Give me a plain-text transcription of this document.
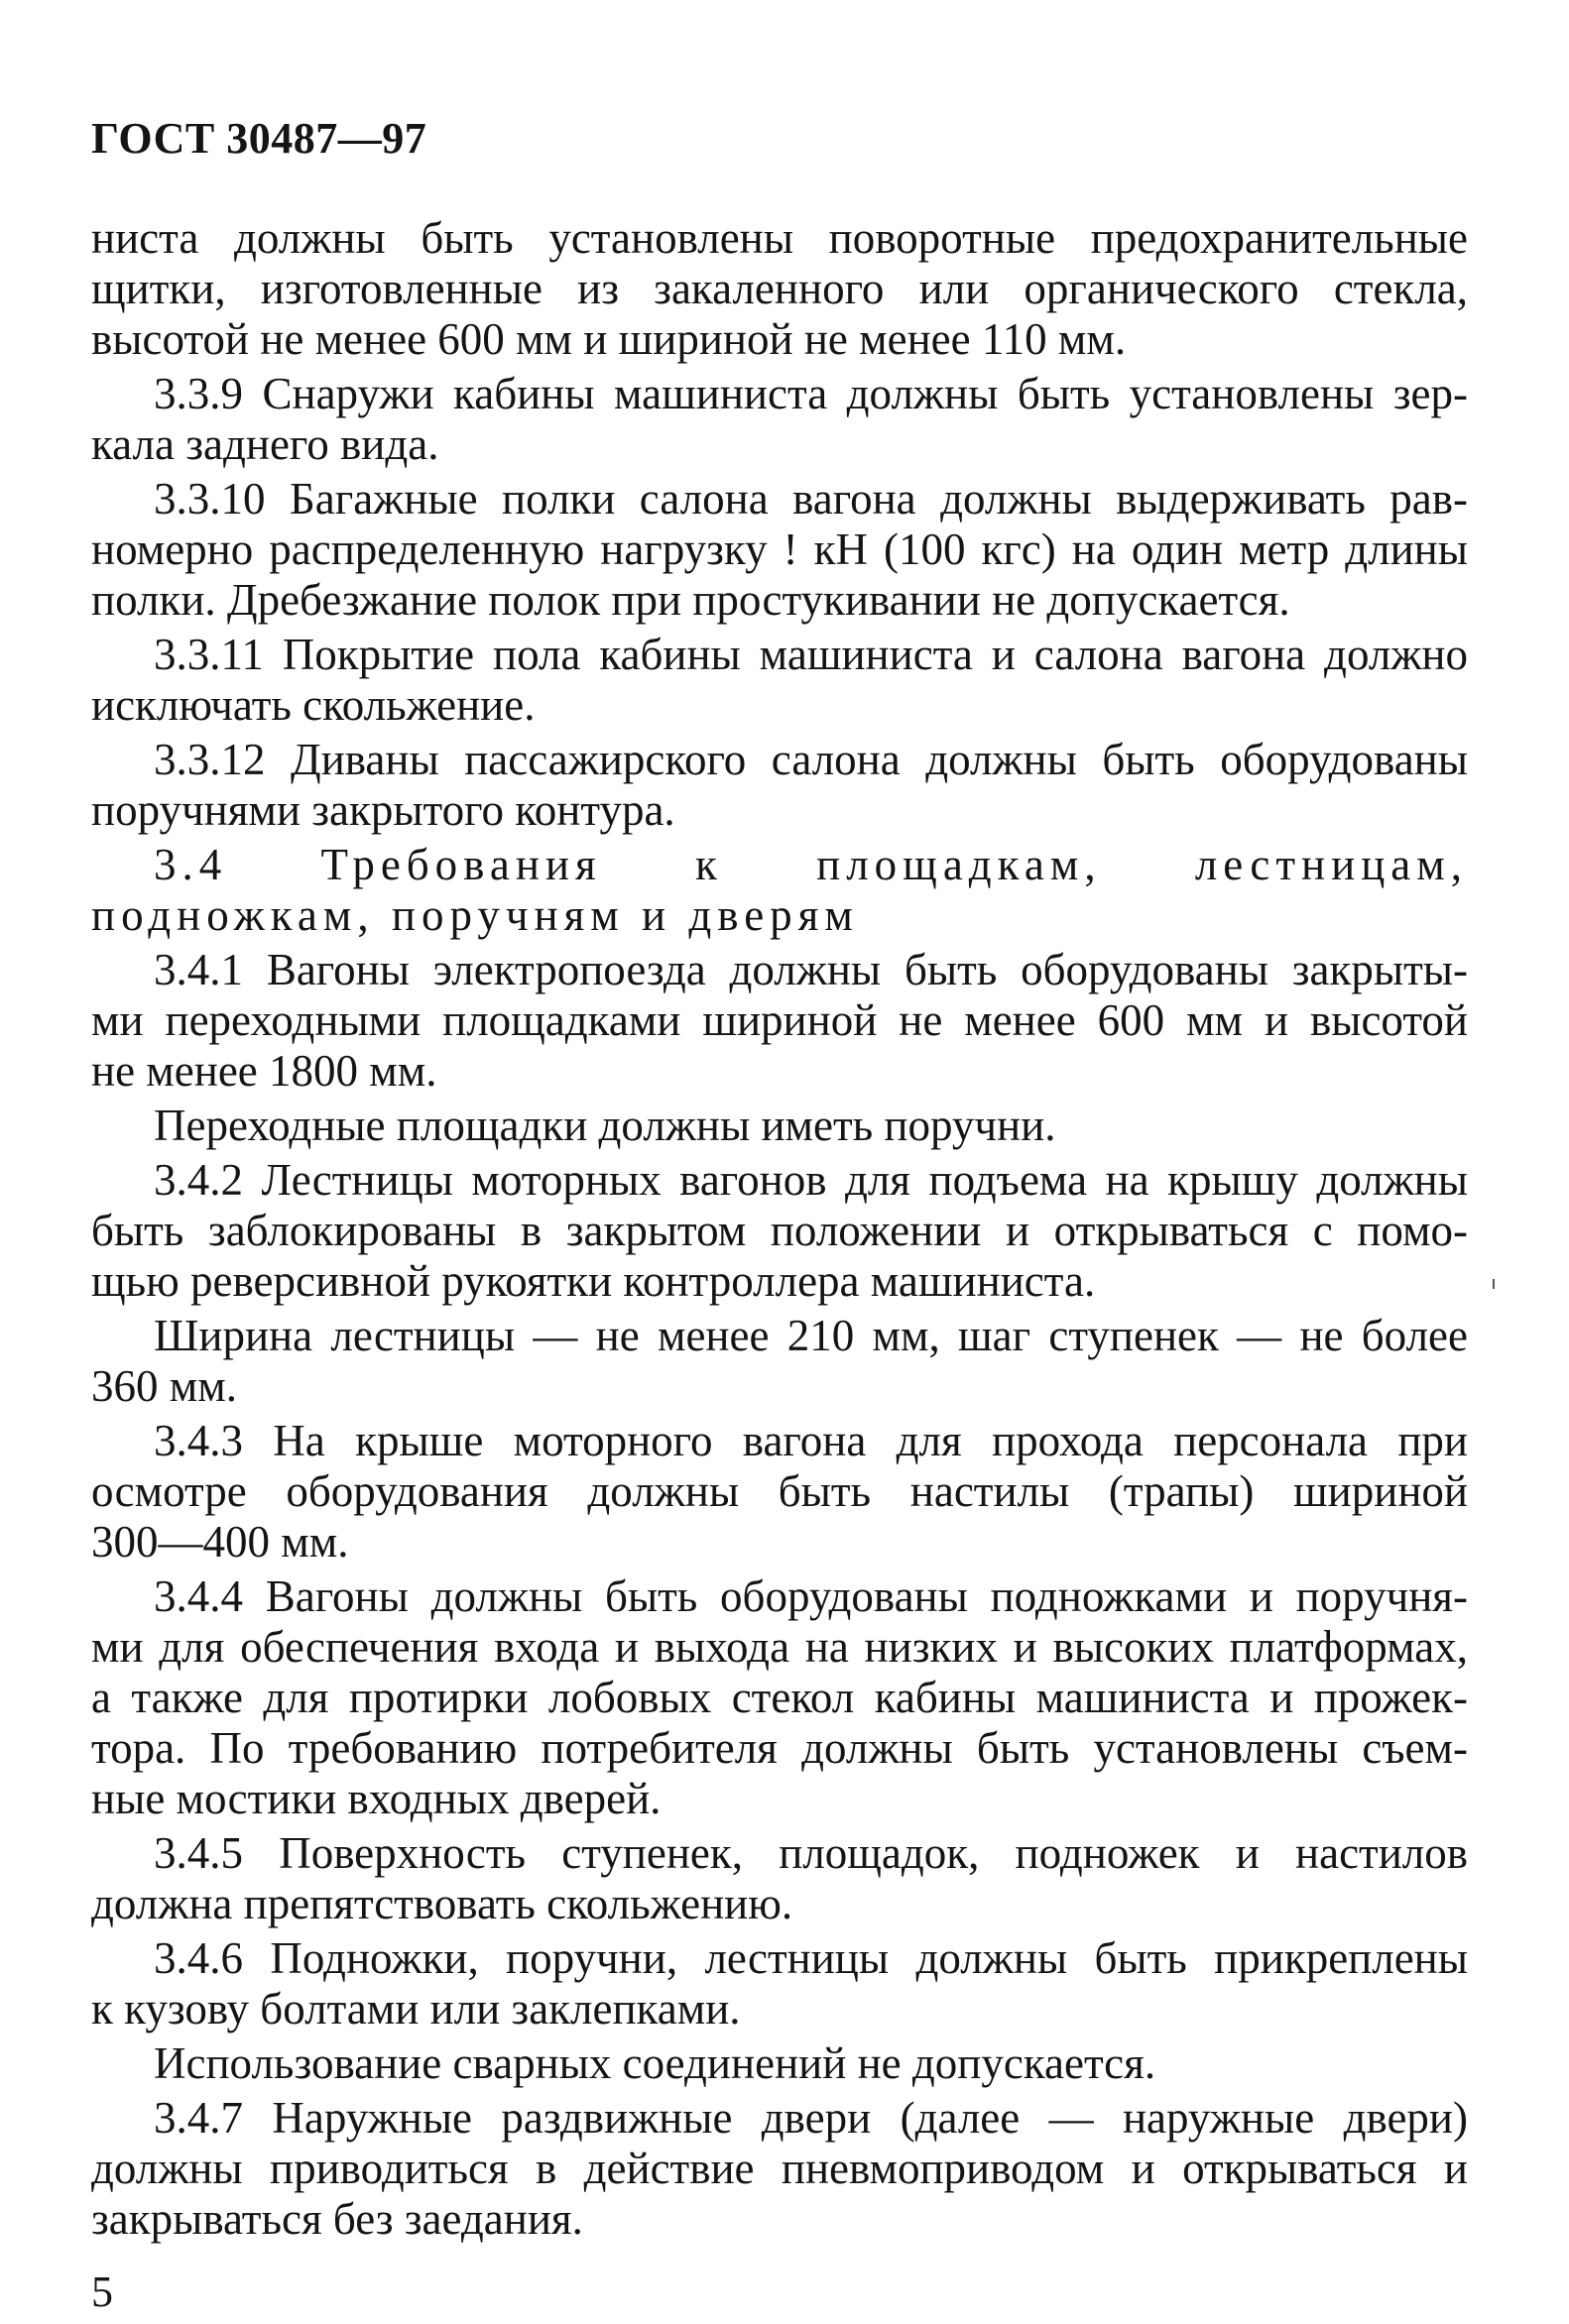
ГОСТ 30487—97
ниста должны быть установлены поворотные предохранительные
щитки, изготовленные из закаленного или органического стекла,
высотой не менее 600 мм и шириной не менее 110 мм.
3.3.9 Снаружи кабины машиниста должны быть установлены зер-
кала заднего вида.
3.3.10 Багажные полки салона вагона должны выдерживать рав-
номерно распределенную нагрузку ! кН (100 кгс) на один метр длины
полки. Дребезжание полок при простукивании не допускается.
3.3.11 Покрытие пола кабины машиниста и салона вагона должно
исключать скольжение.
3.3.12 Диваны пассажирского салона должны быть оборудованы
поручнями закрытого контура.
3.4 Требования к площадкам, лестницам,
подножкам, поручням и дверям
3.4.1 Вагоны электропоезда должны быть оборудованы закрыты-
ми переходными площадками шириной не менее 600 мм и высотой
не менее 1800 мм.
Переходные площадки должны иметь поручни.
3.4.2 Лестницы моторных вагонов для подъема на крышу должны
быть заблокированы в закрытом положении и открываться с помо-
щью реверсивной рукоятки контроллера машиниста.
Ширина лестницы — не менее 210 мм, шаг ступенек — не более
360 мм.
3.4.3 На крыше моторного вагона для прохода персонала при
осмотре оборудования должны быть настилы (трапы) шириной
300—400 мм.
3.4.4 Вагоны должны быть оборудованы подножками и поручня-
ми для обеспечения входа и выхода на низких и высоких платформах,
а также для протирки лобовых стекол кабины машиниста и прожек-
тора. По требованию потребителя должны быть установлены съем-
ные мостики входных дверей.
3.4.5 Поверхность ступенек, площадок, подножек и настилов
должна препятствовать скольжению.
3.4.6 Подножки, поручни, лестницы должны быть прикреплены
к кузову болтами или заклепками.
Использование сварных соединений не допускается.
3.4.7 Наружные раздвижные двери (далее — наружные двери)
должны приводиться в действие пневмоприводом и открываться и
закрываться без заедания.
5
